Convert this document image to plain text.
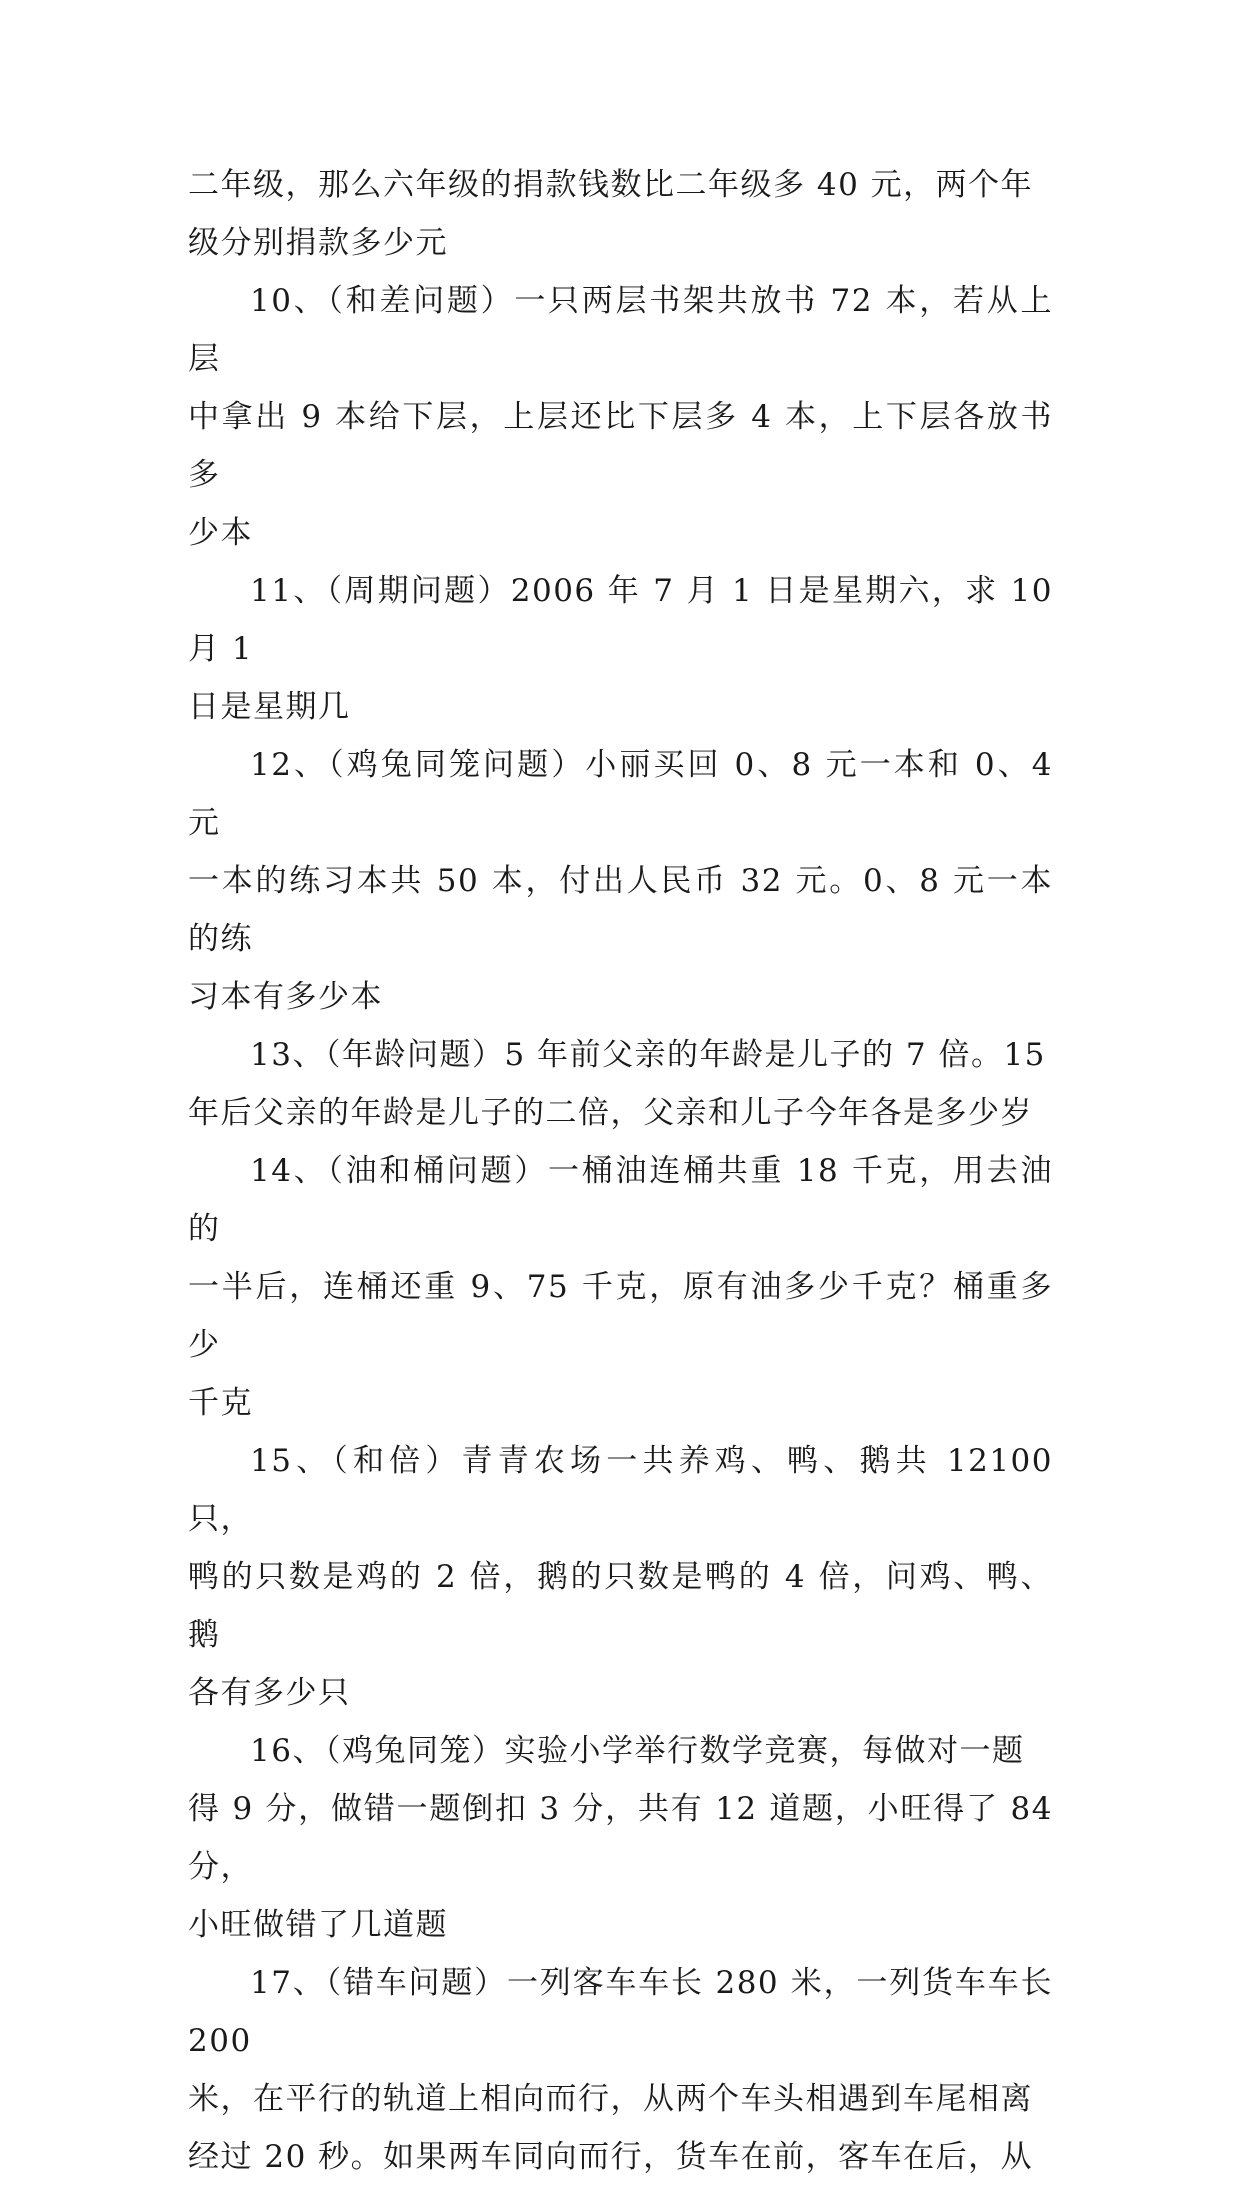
二年级，那么六年级的捐款钱数比二年级多 40 元，两个年
级分别捐款多少元

10、（和差问题）一只两层书架共放书 72 本，若从上层
中拿出 9 本给下层，上层还比下层多 4 本，上下层各放书多
少本

11、（周期问题）2006 年 7 月 1 日是星期六，求 10 月 1
日是星期几

12、（鸡兔同笼问题）小丽买回 0、8 元一本和 0、4 元
一本的练习本共 50 本，付出人民币 32 元。0、8 元一本的练
习本有多少本

13、（年龄问题）5 年前父亲的年龄是儿子的 7 倍。15
年后父亲的年龄是儿子的二倍，父亲和儿子今年各是多少岁

14、（油和桶问题）一桶油连桶共重 18 千克，用去油的
一半后，连桶还重 9、75 千克，原有油多少千克？桶重多少
千克

15、（和倍）青青农场一共养鸡、鸭、鹅共 12100 只，
鸭的只数是鸡的 2 倍，鹅的只数是鸭的 4 倍，问鸡、鸭、鹅
各有多少只

16、（鸡兔同笼）实验小学举行数学竞赛，每做对一题
得 9 分，做错一题倒扣 3 分，共有 12 道题，小旺得了 84 分，
小旺做错了几道题

17、（错车问题）一列客车车长 280 米，一列货车车长 200
米，在平行的轨道上相向而行，从两个车头相遇到车尾相离
经过 20 秒。如果两车同向而行，货车在前，客车在后，从
